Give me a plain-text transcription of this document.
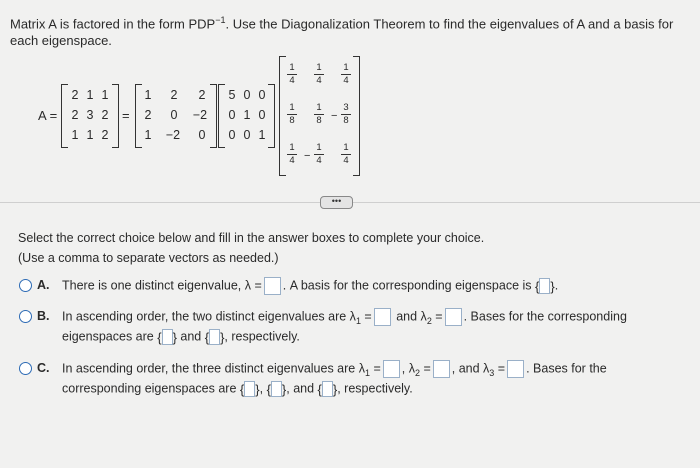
Matrix A is factored in the form $PDP^{-1}$. Use the Diagonalization Theorem to find the eigenvalues of A and a basis for each eigenspace.
A =
2 1 1
2 3 2
1 1 2
=
1 2 2
2 0 −2
1 −2 0
5 0 0
0 1 0
0 0 1
1
4
1
4
1
4
1
8
1
8 −
3
8
1
4 −
1
4
1
4
•••
Select the correct choice below and fill in the answer boxes to complete your choice.
(Use a comma to separate vectors as needed.)
A. There is one distinct eigenvalue, λ = . A basis for the corresponding eigenspace is { }.
B. In ascending order, the two distinct eigenvalues are $\lambda_1$ = and $\lambda_2$ = . Bases for the corresponding
eigenspaces are { } and { }, respectively.
C. In ascending order, the three distinct eigenvalues are $\lambda_1$ = , $\lambda_2$ = , and $\lambda_3$ = . Bases for the
corresponding eigenspaces are { }, { }, and { }, respectively.
